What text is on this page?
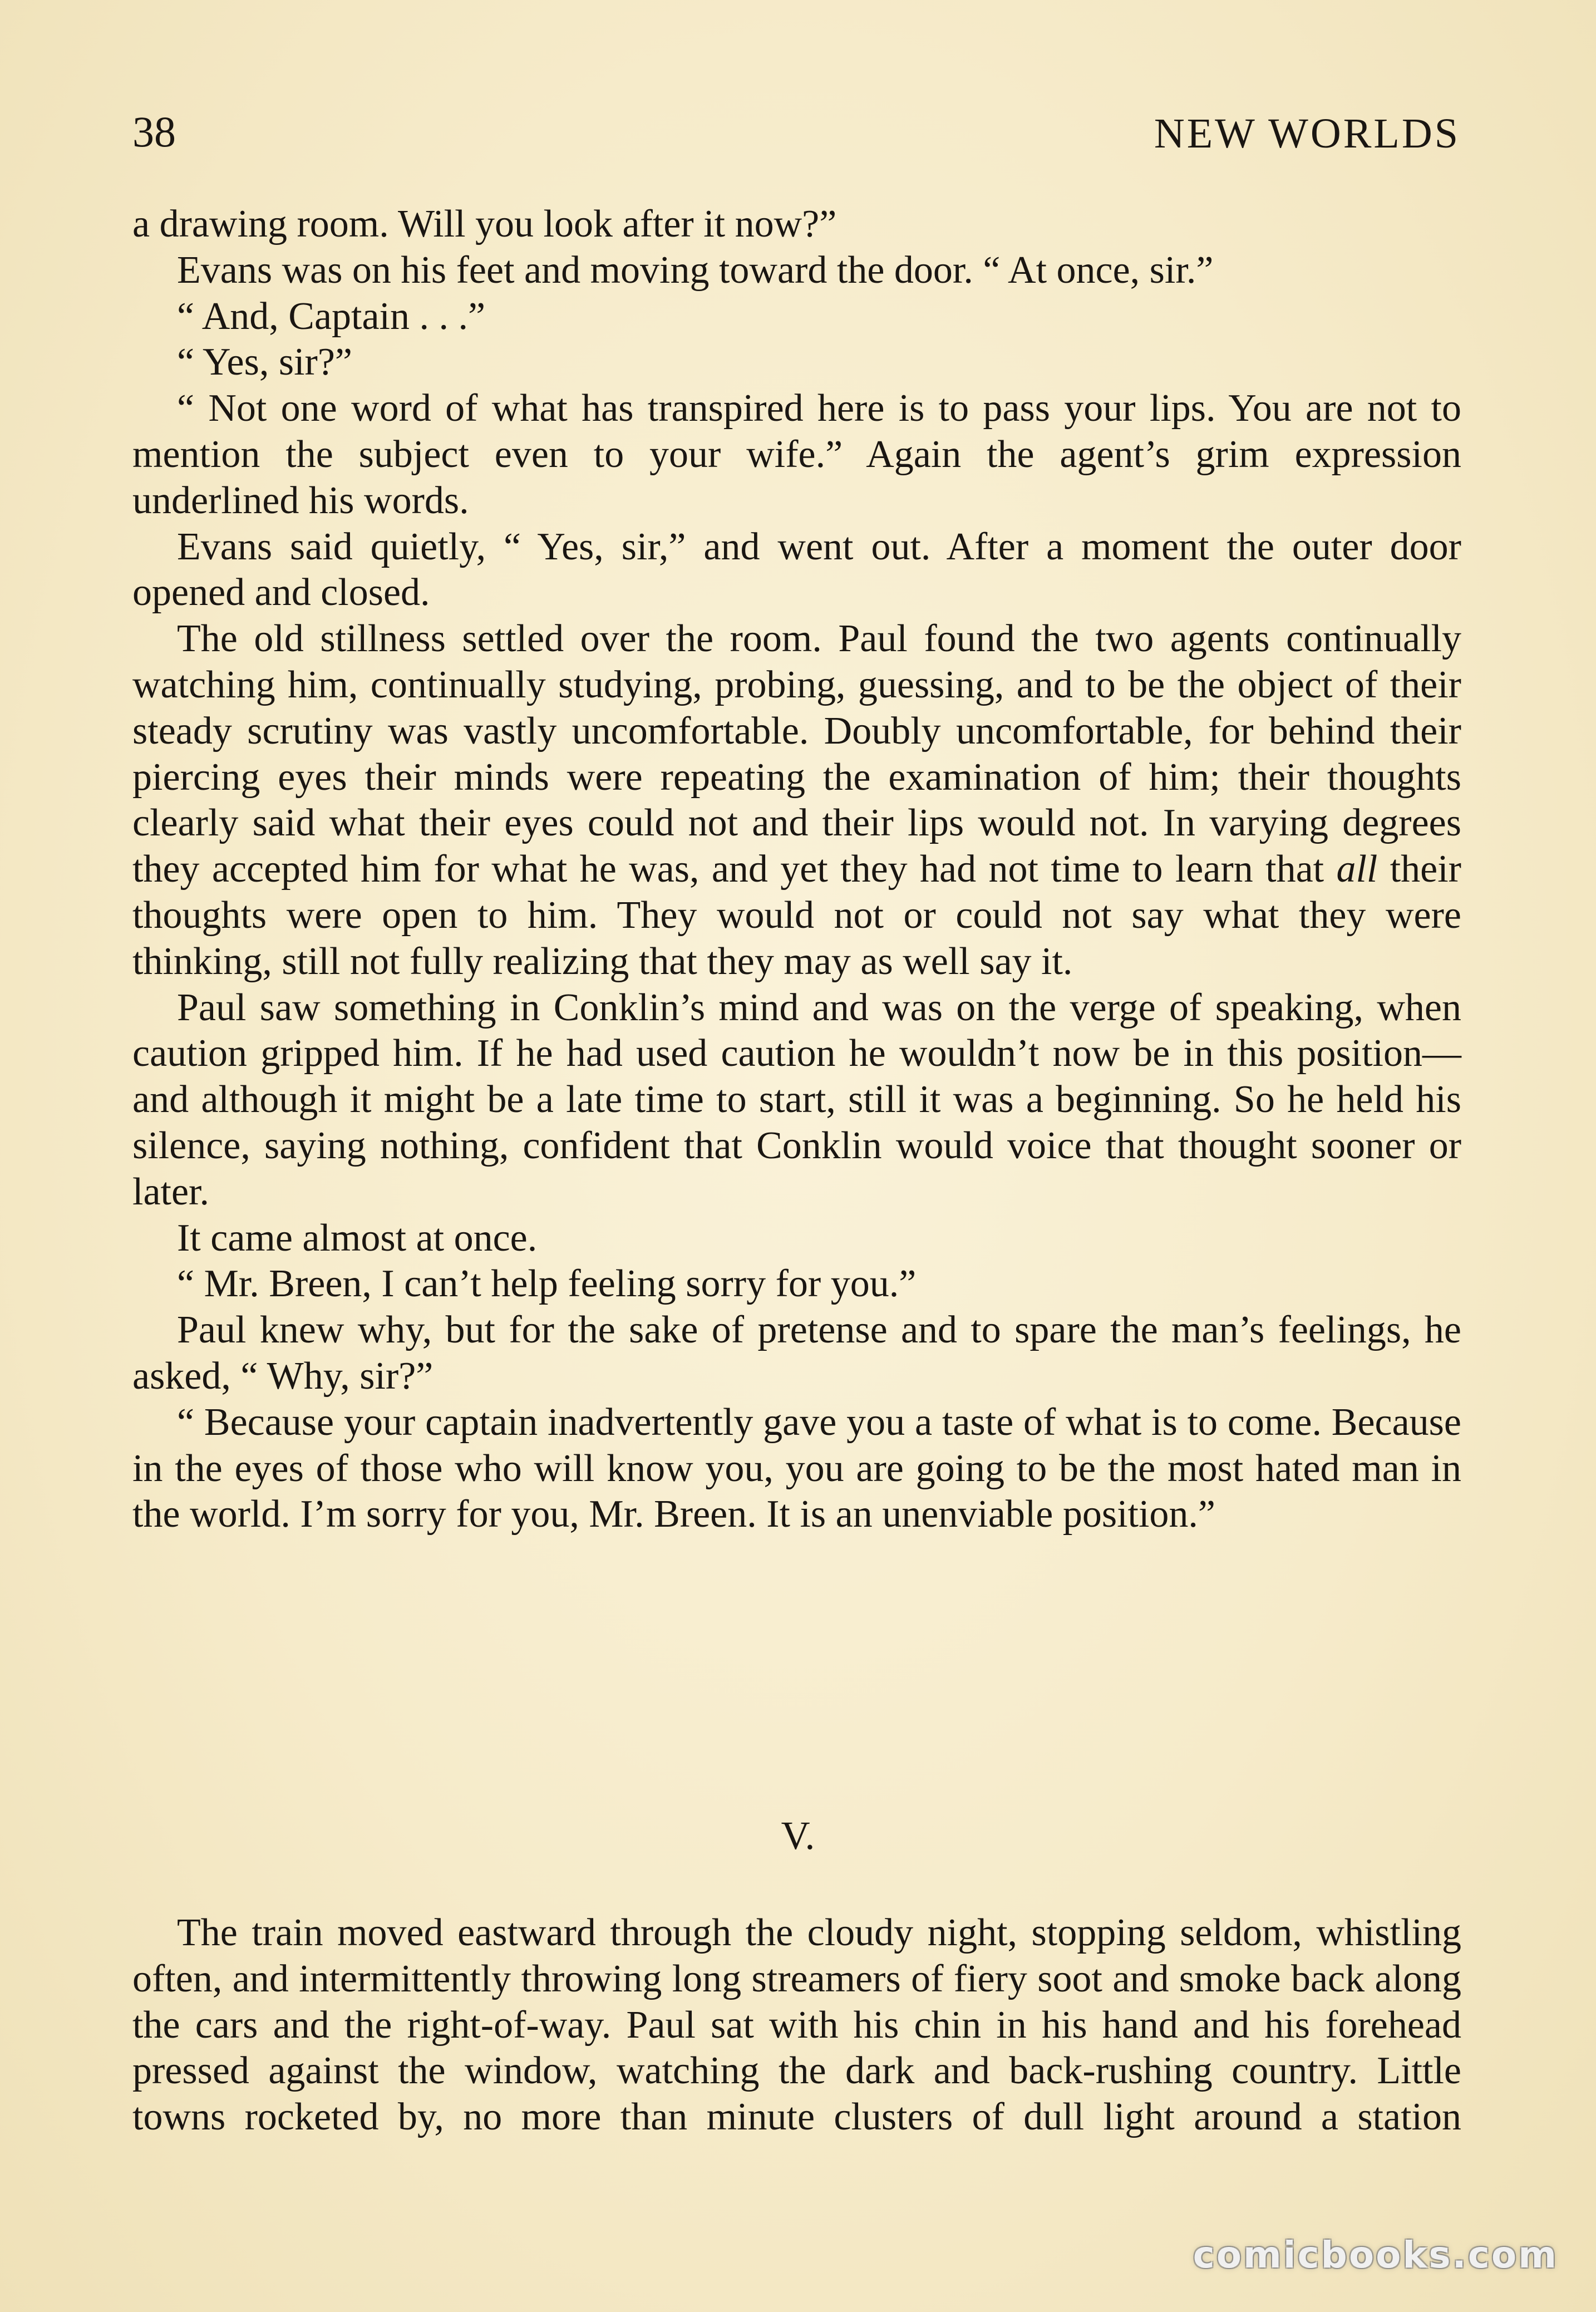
38	NEW WORLDS

a drawing room. Will you look after it now?”

Evans was on his feet and moving toward the door. “ At once, sir.”

“ And, Captain . . .”

“ Yes, sir?”

“ Not one word of what has transpired here is to pass your lips. You are not to mention the subject even to your wife.” Again the agent’s grim expression underlined his words.

Evans said quietly, “ Yes, sir,” and went out. After a moment the outer door opened and closed.

The old stillness settled over the room. Paul found the two agents continually watching him, continually studying, probing, guessing, and to be the object of their steady scrutiny was vastly uncomfortable. Doubly uncomfortable, for behind their piercing eyes their minds were repeating the examination of him; their thoughts clearly said what their eyes could not and their lips would not. In varying degrees they accepted him for what he was, and yet they had not time to learn that all their thoughts were open to him. They would not or could not say what they were thinking, still not fully realizing that they may as well say it.

Paul saw something in Conklin’s mind and was on the verge of speaking, when caution gripped him. If he had used caution he wouldn’t now be in this position—and although it might be a late time to start, still it was a beginning. So he held his silence, saying nothing, confident that Conklin would voice that thought sooner or later.

It came almost at once.

“ Mr. Breen, I can’t help feeling sorry for you.”

Paul knew why, but for the sake of pretense and to spare the man’s feelings, he asked, “ Why, sir?”

“ Because your captain inadvertently gave you a taste of what is to come. Because in the eyes of those who will know you, you are going to be the most hated man in the world. I’m sorry for you, Mr. Breen. It is an unenviable position.”

V.

The train moved eastward through the cloudy night, stopping seldom, whistling often, and intermittently throwing long streamers of fiery soot and smoke back along the cars and the right-of-way. Paul sat with his chin in his hand and his forehead pressed against the window, watching the dark and back-rushing country. Little towns rocketed by, no more than minute clusters of dull light around a station

comicbooks.com
